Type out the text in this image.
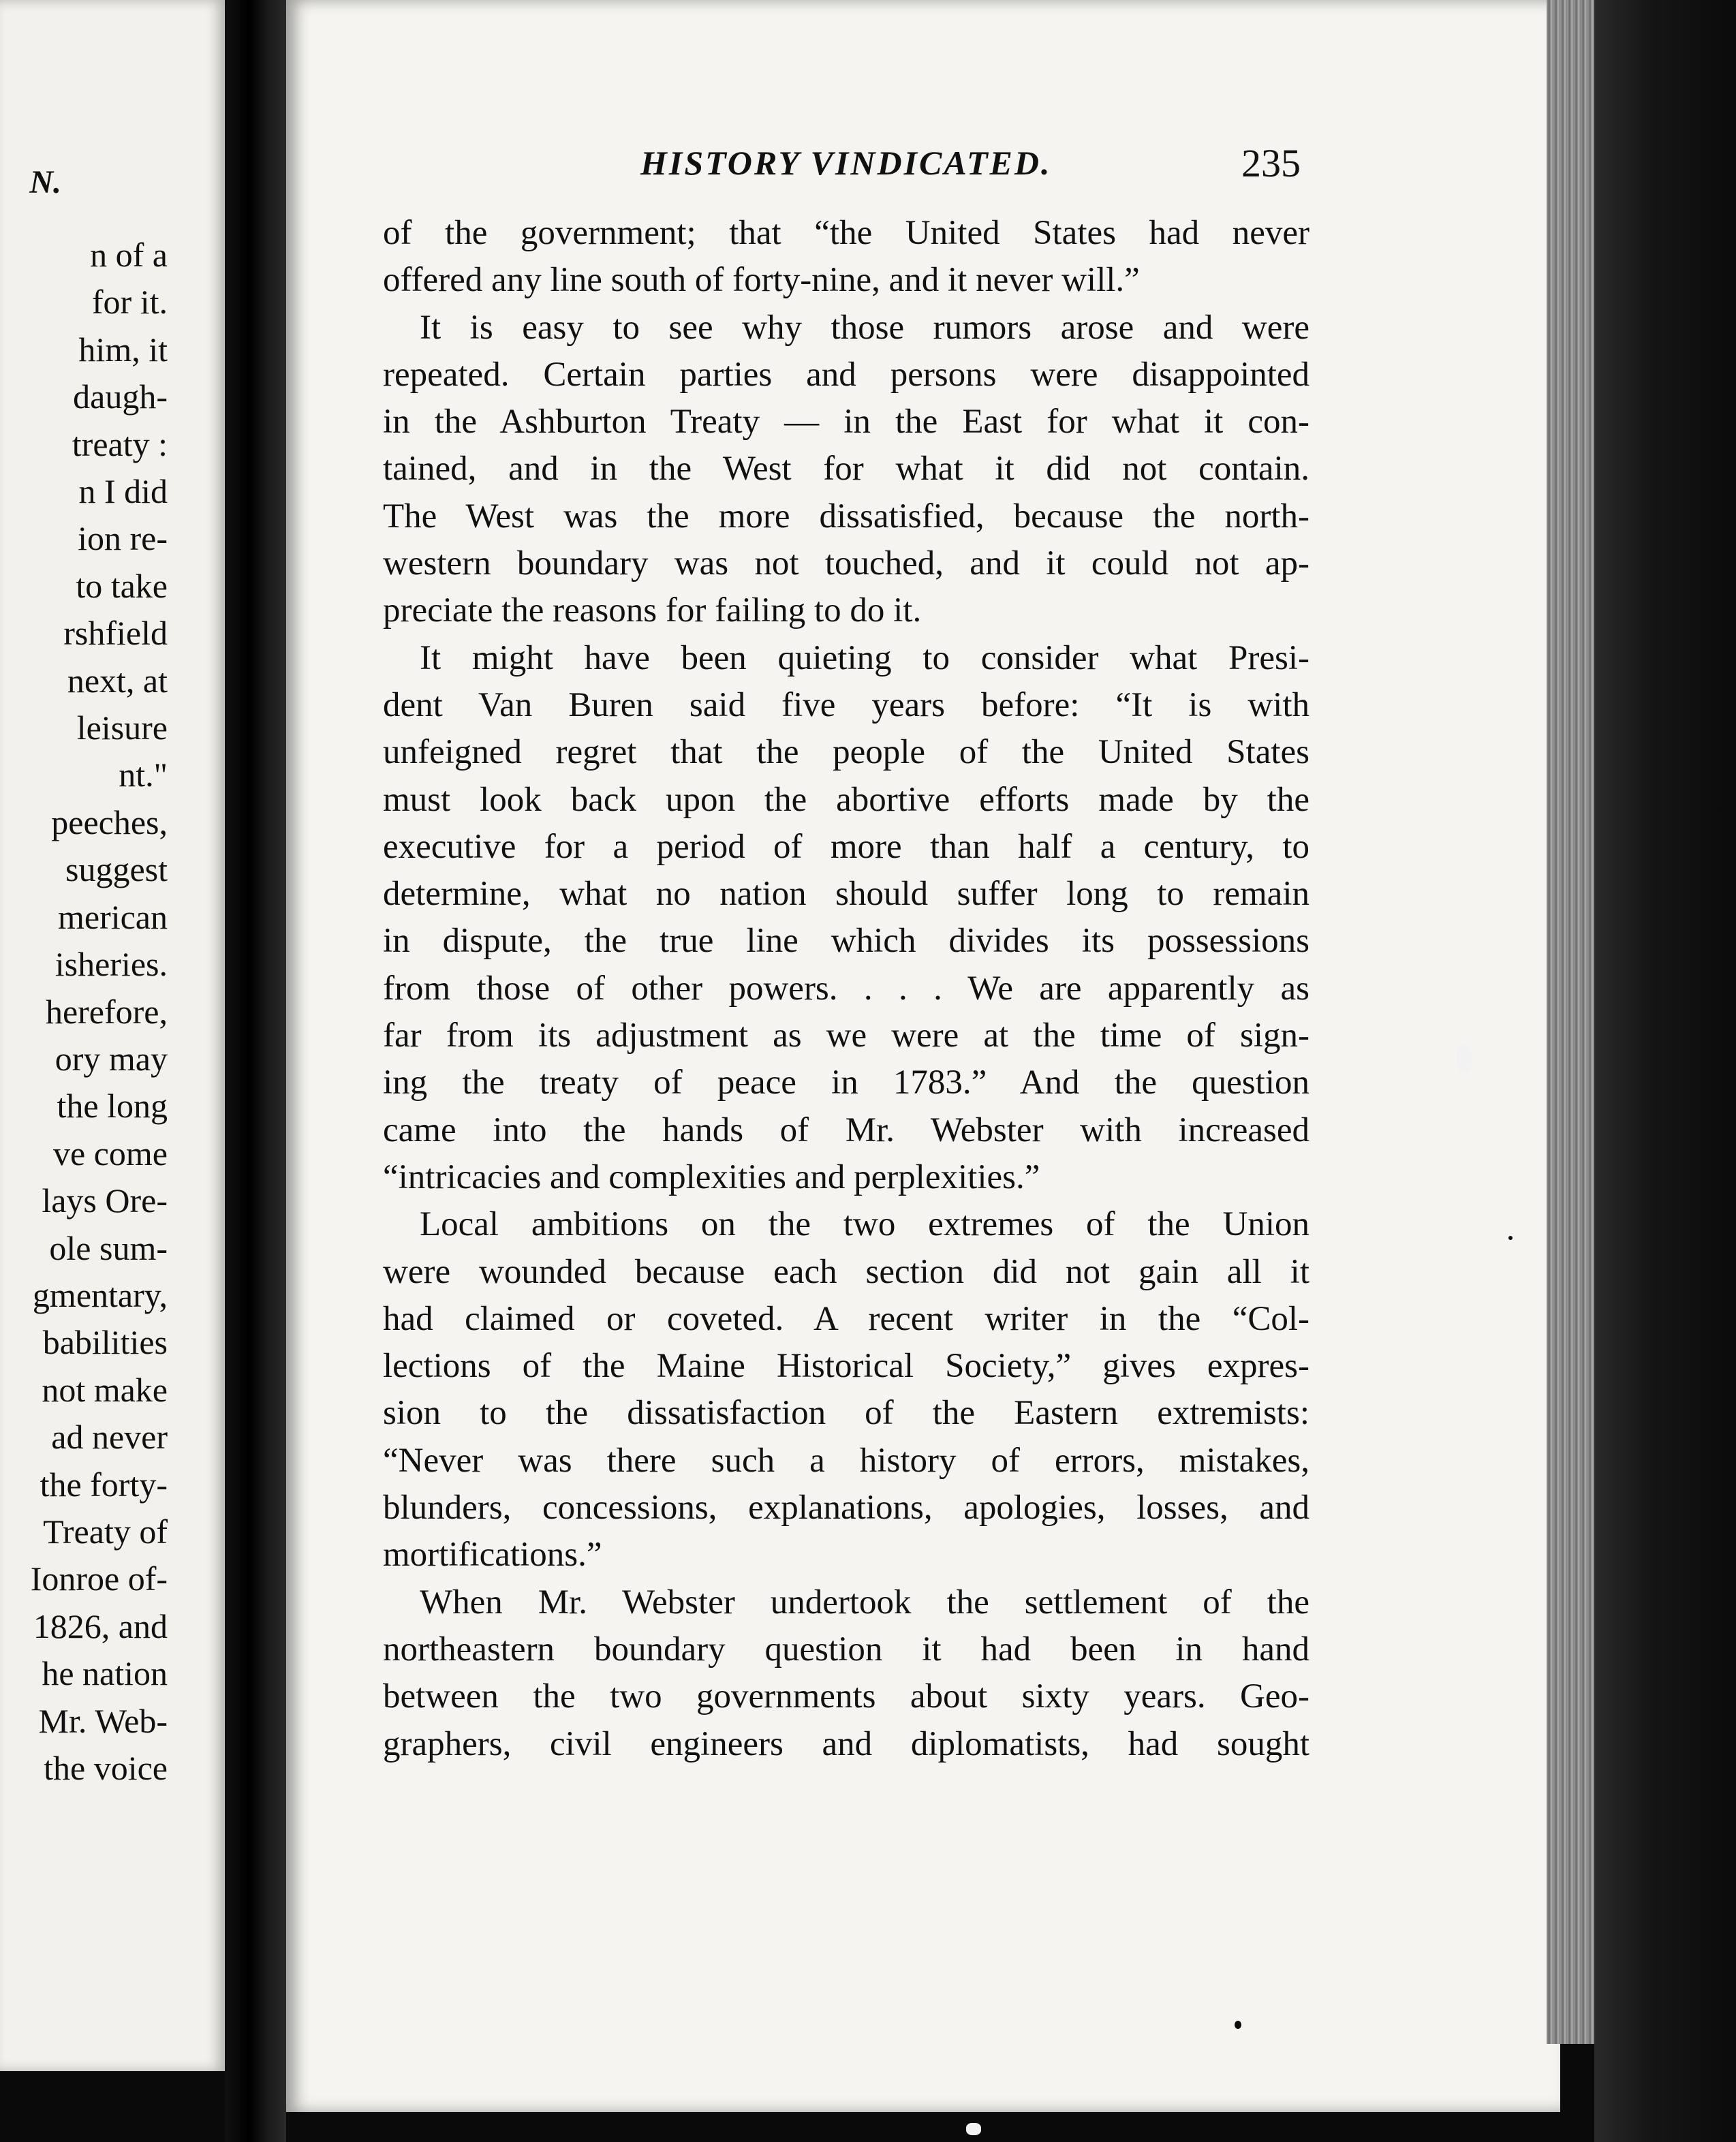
N.
n of a
for it.
him, it
daugh-
treaty :
n I did
ion re-
to take
rshfield
next, at
leisure
nt."
peeches,
suggest
merican
isheries.
herefore,
ory may
the long
ve come
lays Ore-
ole sum-
gmentary,
babilities
not make
ad never
the forty-
Treaty of
Ionroe of-
1826, and
he nation
Mr. Web-
the voice
HISTORY VINDICATED.	235
of the government; that “the United States had never
offered any line south of forty-nine, and it never will.”
It is easy to see why those rumors arose and were
repeated. Certain parties and persons were disappointed
in the Ashburton Treaty — in the East for what it con-
tained, and in the West for what it did not contain.
The West was the more dissatisfied, because the north-
western boundary was not touched, and it could not ap-
preciate the reasons for failing to do it.
It might have been quieting to consider what Presi-
dent Van Buren said five years before: “It is with
unfeigned regret that the people of the United States
must look back upon the abortive efforts made by the
executive for a period of more than half a century, to
determine, what no nation should suffer long to remain
in dispute, the true line which divides its possessions
from those of other powers. . . . We are apparently as
far from its adjustment as we were at the time of sign-
ing the treaty of peace in 1783.” And the question
came into the hands of Mr. Webster with increased
“intricacies and complexities and perplexities.”
Local ambitions on the two extremes of the Union
were wounded because each section did not gain all it
had claimed or coveted. A recent writer in the “Col-
lections of the Maine Historical Society,” gives expres-
sion to the dissatisfaction of the Eastern extremists:
“Never was there such a history of errors, mistakes,
blunders, concessions, explanations, apologies, losses, and
mortifications.”
When Mr. Webster undertook the settlement of the
northeastern boundary question it had been in hand
between the two governments about sixty years. Geo-
graphers, civil engineers and diplomatists, had sought
